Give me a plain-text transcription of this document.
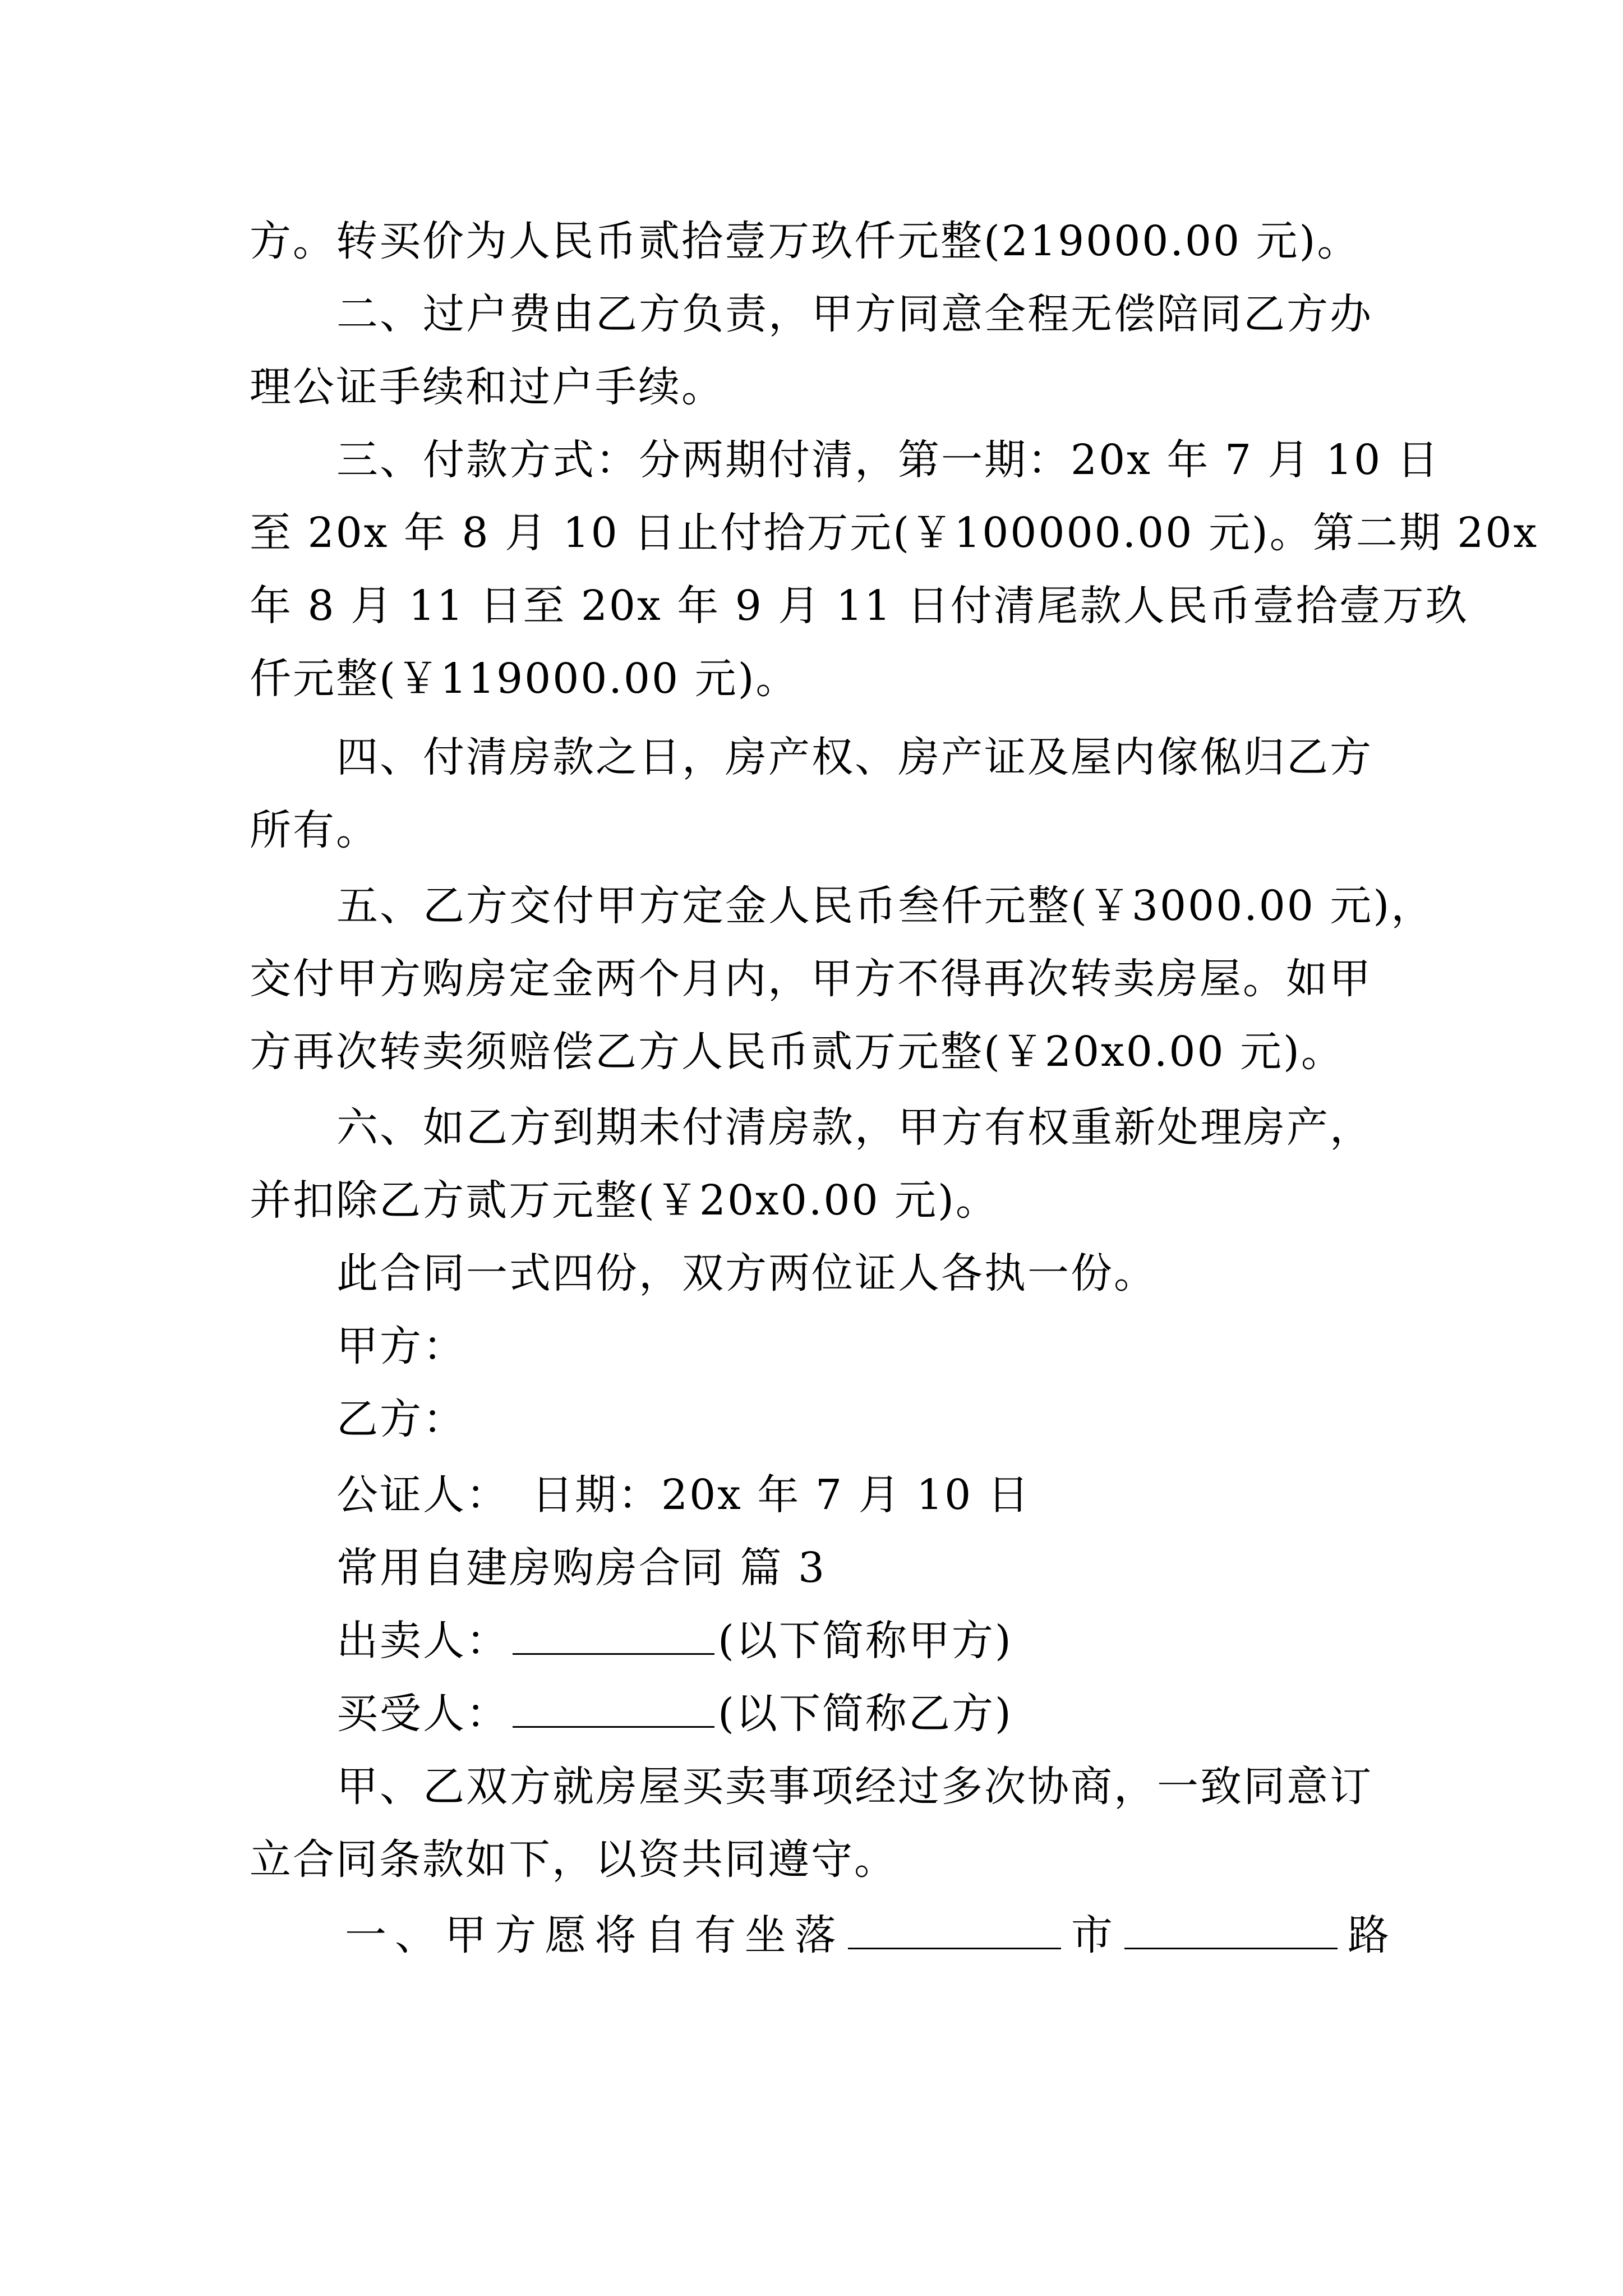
方。转买价为人民币贰拾壹万玖仟元整(219000.00 元)。
二、过户费由乙方负责，甲方同意全程无偿陪同乙方办
理公证手续和过户手续。
三、付款方式：分两期付清，第一期：20x 年 7 月 10 日
至 20x 年 8 月 10 日止付拾万元(￥100000.00 元)。第二期 20x
年 8 月 11 日至 20x 年 9 月 11 日付清尾款人民币壹拾壹万玖
仟元整(￥119000.00 元)。
四、付清房款之日，房产权、房产证及屋内傢俬归乙方
所有。
五、乙方交付甲方定金人民币叁仟元整(￥3000.00 元)，
交付甲方购房定金两个月内，甲方不得再次转卖房屋。如甲
方再次转卖须赔偿乙方人民币贰万元整(￥20x0.00 元)。
六、如乙方到期未付清房款，甲方有权重新处理房产，
并扣除乙方贰万元整(￥20x0.00 元)。
此合同一式四份，双方两位证人各执一份。
甲方：
乙方：
公证人：　日期：20x 年 7 月 10 日
常用自建房购房合同 篇 3
出卖人：	(以下简称甲方)
买受人：	(以下简称乙方)
甲、乙双方就房屋买卖事项经过多次协商，一致同意订
立合同条款如下，以资共同遵守。
一、甲方愿将自有坐落	市	路
